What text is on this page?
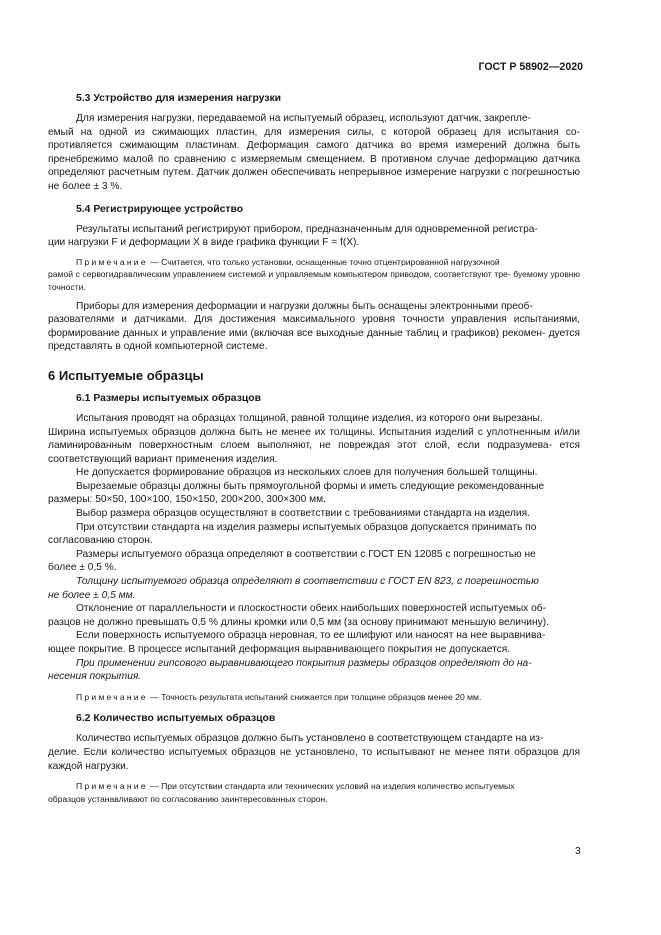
ГОСТ Р 58902—2020
5.3 Устройство для измерения нагрузки

Для измерения нагрузки, передаваемой на испытуемый образец, используют датчик, закрепле-
емый на одной из сжимающих пластин, для измерения силы, с которой образец для испытания со- противляется сжимающим пластинам. Деформация самого датчика во время измерений должна быть пренебрежимо малой по сравнению с измеряемым смещением. В противном случае деформацию датчика определяют расчетным путем. Датчик должен обеспечивать непрерывное измерение нагрузки с погрешностью не более ± 3 %.

5.4 Регистрирующее устройство

Результаты испытаний регистрируют прибором, предназначенным для одновременной регистра-
ции нагрузки F и деформации X в виде графика функции F = f(X).

Примечание — Считается, что только установки, оснащенные точно отцентрированной нагрузочной
рамой с сервогидравлическим управлением системой и управляемым компьютером приводом, соответствуют тре- буемому уровню точности.

Приборы для измерения деформации и нагрузки должны быть оснащены электронными преоб-
разователями и датчиками. Для достижения максимального уровня точности управления испытаниями, формирование данных и управление ими (включая все выходные данные таблиц и графиков) рекомен- дуется представлять в одной компьютерной системе.

6 Испытуемые образцы
6.1 Размеры испытуемых образцов

Испытания проводят на образцах толщиной, равной толщине изделия, из которого они вырезаны.
Ширина испытуемых образцов должна быть не менее их толщины. Испытания изделий с уплотненным и/или ламинированным поверхностным слоем выполняют, не повреждая этот слой, если подразумева- ется соответствующий вариант применения изделия.

Не допускается формирование образцов из нескольких слоев для получения большей толщины.

Вырезаемые образцы должны быть прямоугольной формы и иметь следующие рекомендованные
размеры: 50×50, 100×100, 150×150, 200×200, 300×300 мм.

Выбор размера образцов осуществляют в соответствии с требованиями стандарта на изделия.

При отсутствии стандарта на изделия размеры испытуемых образцов допускается принимать по
согласованию сторон.

Размеры испытуемого образца определяют в соответствии с ГОСТ EN 12085 с погрешностью не
более ± 0,5 %.

Толщину испытуемого образца определяют в соответствии с ГОСТ EN 823, с погрешностью
не более ± 0,5 мм.

Отклонение от параллельности и плоскостности обеих наибольших поверхностей испытуемых об-
разцов не должно превышать 0,5 % длины кромки или 0,5 мм (за основу принимают меньшую величину).

Если поверхность испытуемого образца неровная, то ее шлифуют или наносят на нее выравнива-
ющее покрытие. В процессе испытаний деформация выравнивающего покрытия не допускается.

При применении гипсового выравнивающего покрытия размеры образцов определяют до на-
несения покрытия.

Примечание — Точность результата испытаний снижается при толщине образцов менее 20 мм.

6.2 Количество испытуемых образцов

Количество испытуемых образцов должно быть установлено в соответствующем стандарте на из-
делие. Если количество испытуемых образцов не установлено, то испытывают не менее пяти образцов для каждой нагрузки.

Примечание — При отсутствии стандарта или технических условий на изделия количество испытуемых
образцов устанавливают по согласованию заинтересованных сторон.

3
